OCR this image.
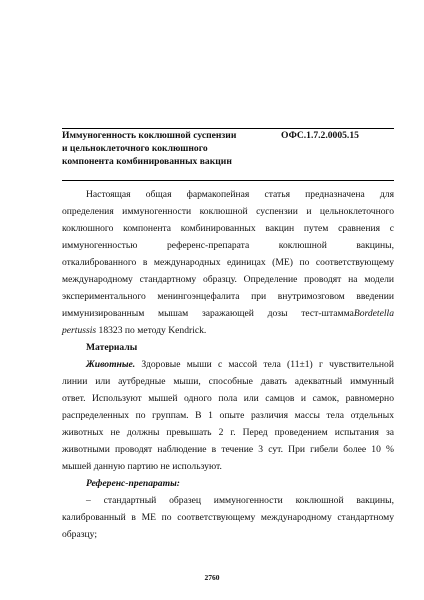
Иммуногенность коклюшной суспензии
и цельноклеточного коклюшного
компонента комбинированных вакцин
ОФС.1.7.2.0005.15
Настоящая общая фармакопейная статья предназначена для
определения иммуногенности коклюшной суспензии и цельноклеточного
коклюшного компонента комбинированных вакцин путем сравнения с
иммуногенностью референс-препарата коклюшной вакцины,
откалиброванного в международных единицах (МЕ) по соответствующему
международному стандартному образцу. Определение проводят на модели
экспериментального менингоэнцефалита при внутримозговом введении
иммунизированным мышам заражающей дозы тест-штаммаBordetella
pertussis 18323 по методу Kendrick.
Материалы
Животные. Здоровые мыши с массой тела (11±1) г чувствительной
линии или аутбредные мыши, способные давать адекватный иммунный
ответ. Используют мышей одного пола или самцов и самок, равномерно
распределенных по группам. В 1 опыте различия массы тела отдельных
животных не должны превышать 2 г. Перед проведением испытания за
животными проводят наблюдение в течение 3 сут. При гибели более 10 %
мышей данную партию не используют.
Референс-препараты:
– стандартный образец иммуногенности коклюшной вакцины,
калиброванный в МЕ по соответствующему международному стандартному
образцу;
2760
